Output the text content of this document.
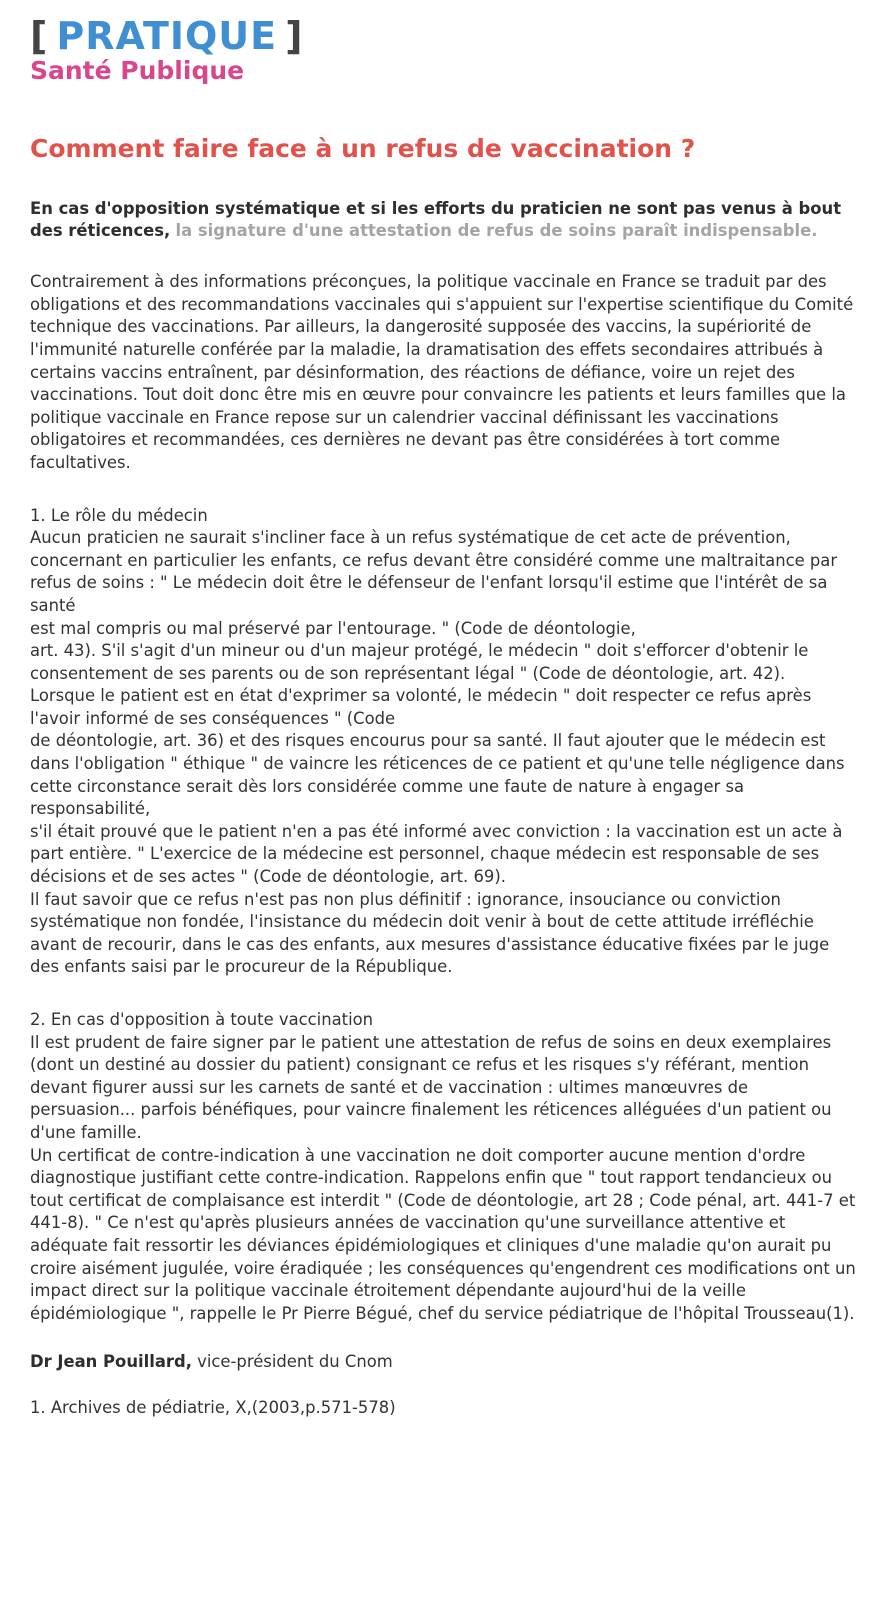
[ PRATIQUE ]
Santé Publique
Comment faire face à un refus de vaccination ?
En cas d'opposition systématique et si les efforts du praticien ne sont pas venus à bout des réticences, la signature d'une attestation de refus de soins paraît indispensable.

Contrairement à des informations préconçues, la politique vaccinale en France se traduit par des obligations et des recommandations vaccinales qui s'appuient sur l'expertise scientifique du Comité technique des vaccinations. Par ailleurs, la dangerosité supposée des vaccins, la supériorité de l'immunité naturelle conférée par la maladie, la dramatisation des effets secondaires attribués à certains vaccins entraînent, par désinformation, des réactions de défiance, voire un rejet des vaccinations. Tout doit donc être mis en œuvre pour convaincre les patients et leurs familles que la politique vaccinale en France repose sur un calendrier vaccinal définissant les vaccinations obligatoires et recommandées, ces dernières ne devant pas être considérées à tort comme facultatives.

1. Le rôle du médecin

Aucun praticien ne saurait s'incliner face à un refus systématique de cet acte de prévention, concernant en particulier les enfants, ce refus devant être considéré comme une maltraitance par refus de soins : " Le médecin doit être le défenseur de l'enfant lorsqu'il estime que l'intérêt de sa santé

est mal compris ou mal préservé par l'entourage. " (Code de déontologie,

art. 43). S'il s'agit d'un mineur ou d'un majeur protégé, le médecin " doit s'efforcer d'obtenir le consentement de ses parents ou de son représentant légal " (Code de déontologie, art. 42).

Lorsque le patient est en état d'exprimer sa volonté, le médecin " doit respecter ce refus après l'avoir informé de ses conséquences " (Code

de déontologie, art. 36) et des risques encourus pour sa santé. Il faut ajouter que le médecin est dans l'obligation " éthique " de vaincre les réticences de ce patient et qu'une telle négligence dans cette circonstance serait dès lors considérée comme une faute de nature à engager sa responsabilité,

s'il était prouvé que le patient n'en a pas été informé avec conviction : la vaccination est un acte à part entière. " L'exercice de la médecine est personnel, chaque médecin est responsable de ses décisions et de ses actes " (Code de déontologie, art. 69).

Il faut savoir que ce refus n'est pas non plus définitif : ignorance, insouciance ou conviction systématique non fondée, l'insistance du médecin doit venir à bout de cette attitude irréfléchie avant de recourir, dans le cas des enfants, aux mesures d'assistance éducative fixées par le juge des enfants saisi par le procureur de la République.

2. En cas d'opposition à toute vaccination

Il est prudent de faire signer par le patient une attestation de refus de soins en deux exemplaires (dont un destiné au dossier du patient) consignant ce refus et les risques s'y référant, mention devant figurer aussi sur les carnets de santé et de vaccination : ultimes manœuvres de persuasion... parfois bénéfiques, pour vaincre finalement les réticences alléguées d'un patient ou d'une famille.

Un certificat de contre-indication à une vaccination ne doit comporter aucune mention d'ordre diagnostique justifiant cette contre-indication. Rappelons enfin que " tout rapport tendancieux ou tout certificat de complaisance est interdit " (Code de déontologie, art 28 ; Code pénal, art. 441-7 et 441-8). " Ce n'est qu'après plusieurs années de vaccination qu'une surveillance attentive et adéquate fait ressortir les déviances épidémiologiques et cliniques d'une maladie qu'on aurait pu croire aisément jugulée, voire éradiquée ; les conséquences qu'engendrent ces modifications ont un impact direct sur la politique vaccinale étroitement dépendante aujourd'hui de la veille épidémiologique ", rappelle le Pr Pierre Bégué, chef du service pédiatrique de l'hôpital Trousseau(1).

Dr Jean Pouillard, vice-président du Cnom
1. Archives de pédiatrie, X,(2003,p.571-578)
